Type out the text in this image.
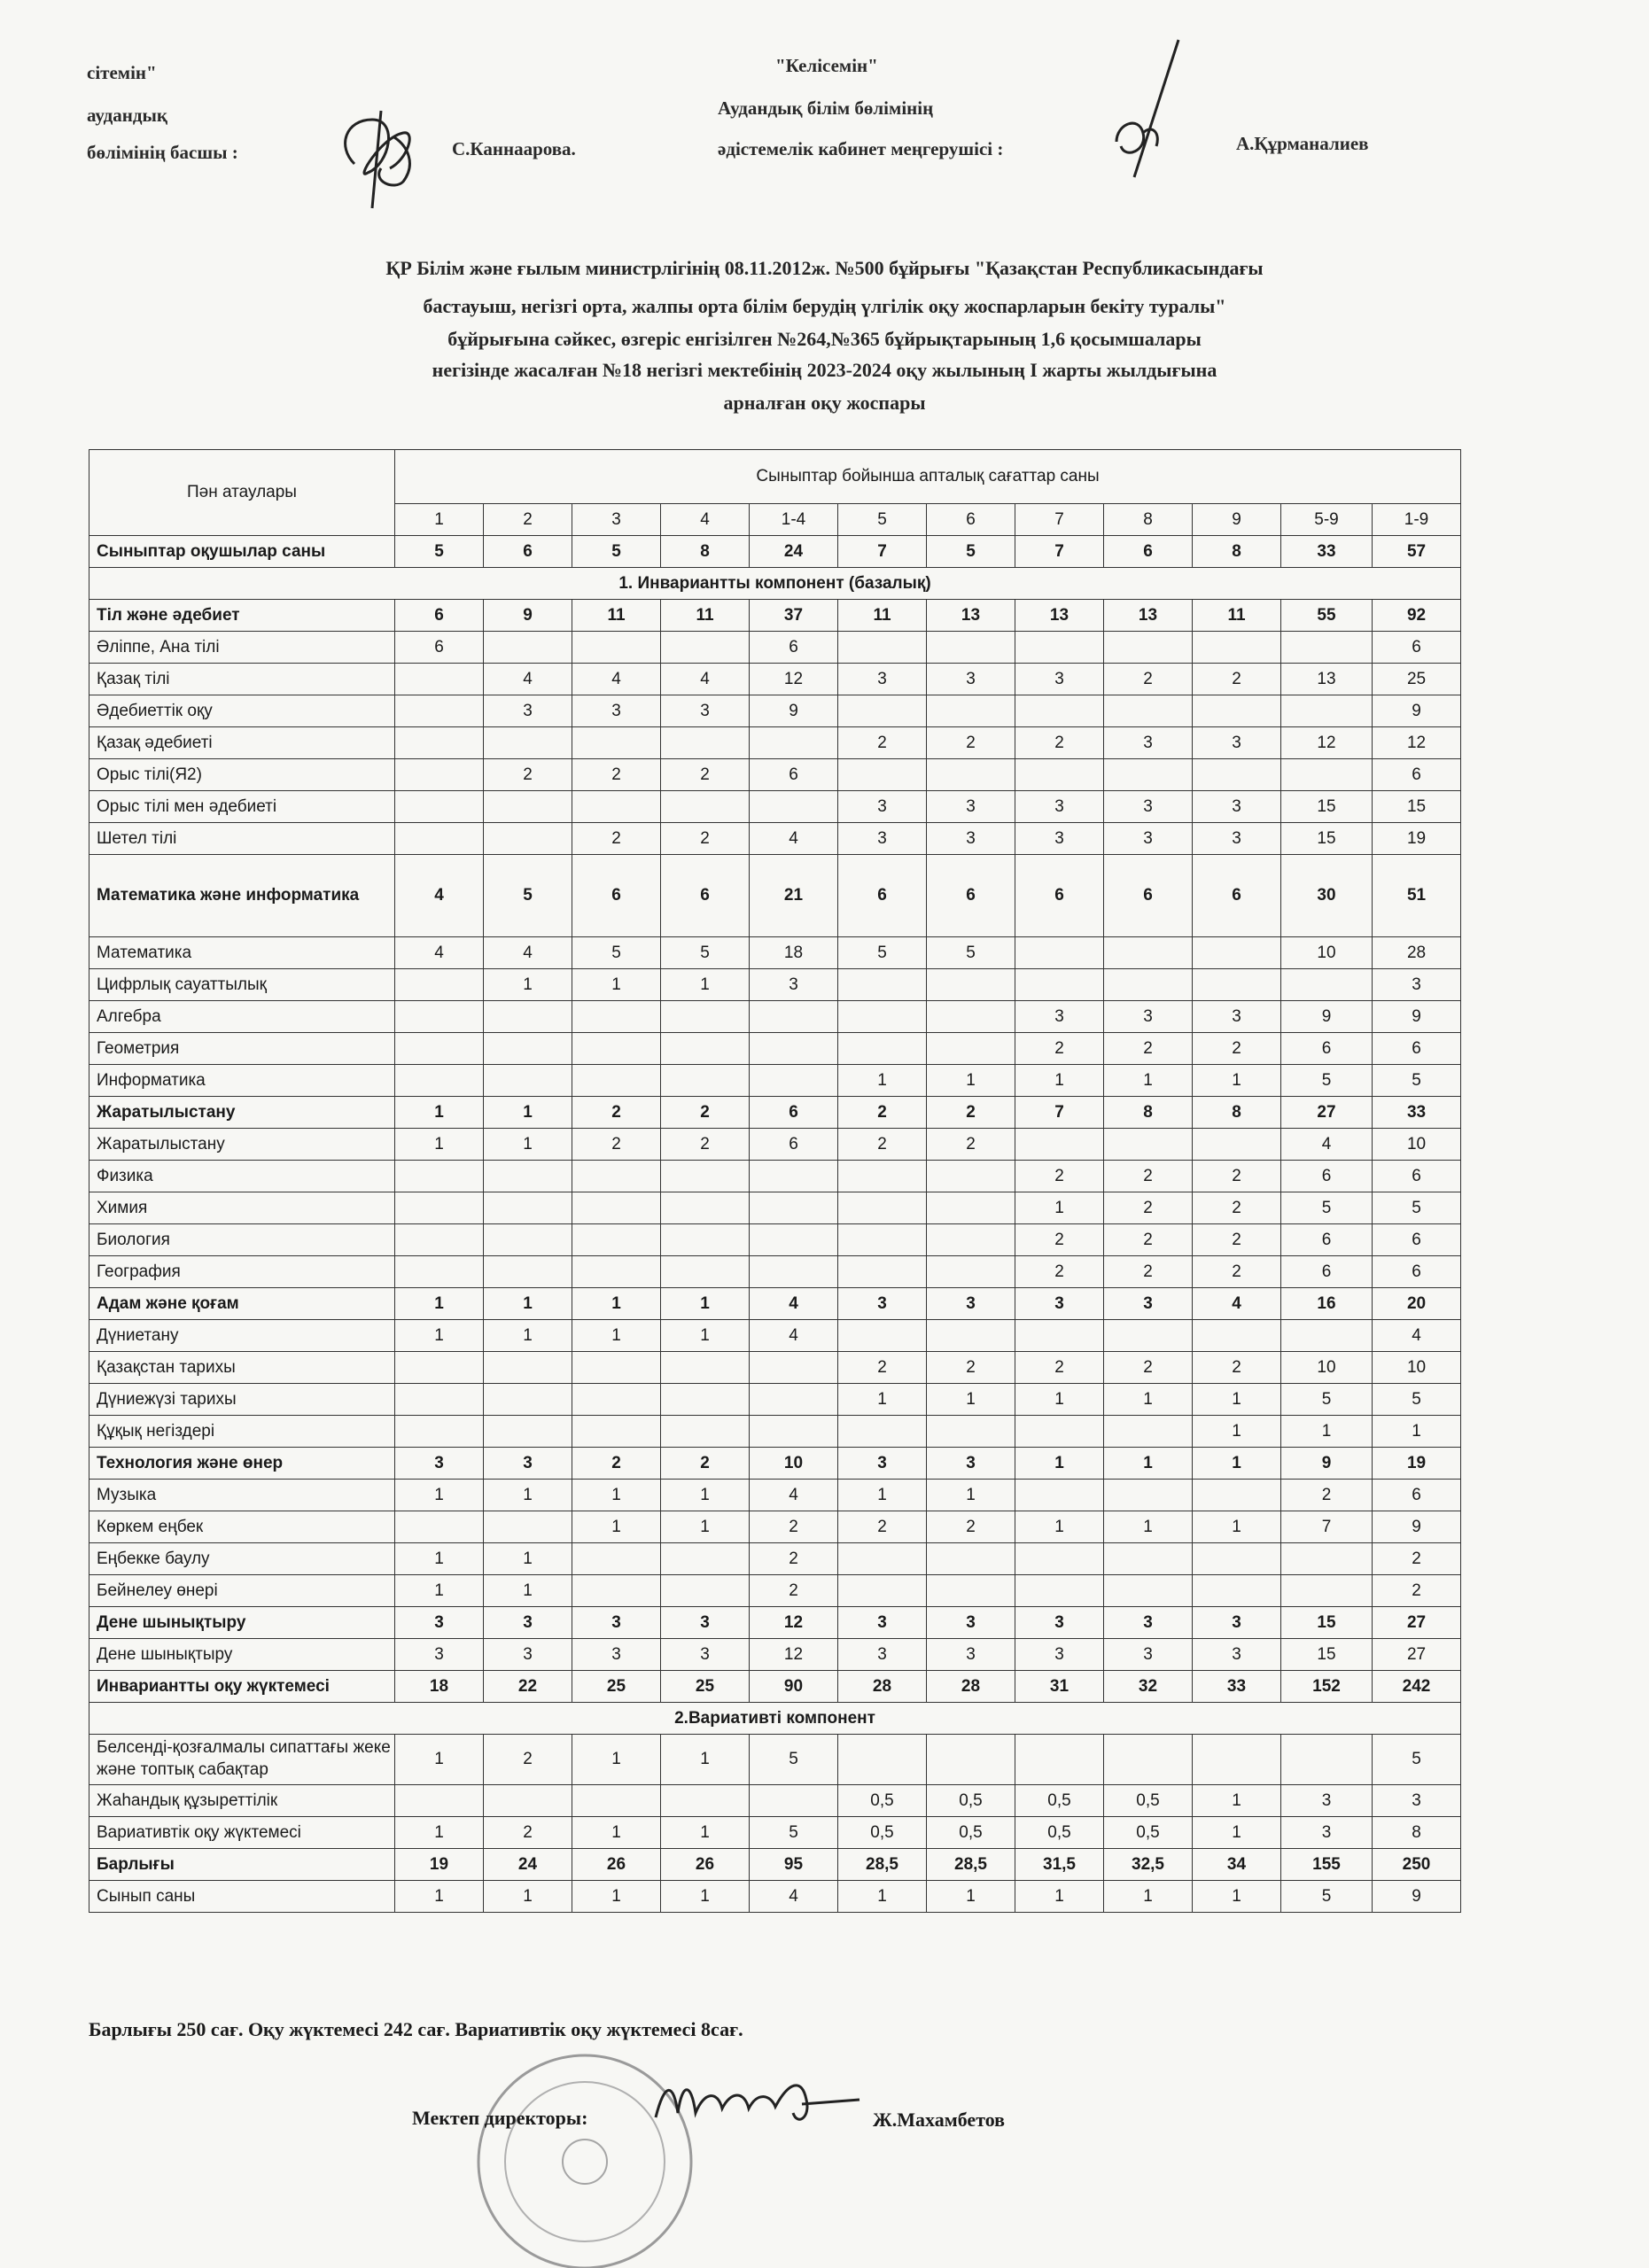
сітемін"
аудандық
бөлімінің басшы :	С.Каннаарова.
"Келісемін"
Аудандық білім бөлімінің
әдістемелік кабинет меңгерушісі :	А.Құрманалиев
ҚР Білім және ғылым министрлігінің 08.11.2012ж. №500 бұйрығы "Қазақстан Республикасындағы
бастауыш, негізгі орта, жалпы орта білім берудің үлгілік оқу жоспарларын бекіту туралы"
бұйрығына сәйкес, өзгеріс енгізілген №264,№365 бұйрықтарының 1,6 қосымшалары
негізінде жасалған №18 негізгі мектебінің 2023-2024 оқу жылының І жарты жылдығына
арналған оқу жоспары
Пән атаулары	Сыныптар бойынша апталық сағаттар саны											
	1	2	3	4	1-4	5	6	7	8	9	5-9	1-9
Сыныптар оқушылар саны	5	6	5	8	24	7	5	7	6	8	33	57
1. Инвариантты компонент (базалық)												
Тіл және әдебиет	6	9	11	11	37	11	13	13	13	11	55	92
Әліппе, Ана тілі	6				6							6
Қазақ тілі		4	4	4	12	3	3	3	2	2	13	25
Әдебиеттік оқу		3	3	3	9							9
Қазақ әдебиеті						2	2	2	3	3	12	12
Орыс тілі(Я2)		2	2	2	6							6
Орыс тілі мен әдебиеті						3	3	3	3	3	15	15
Шетел тілі			2	2	4	3	3	3	3	3	15	19
Математика және информатика	4	5	6	6	21	6	6	6	6	6	30	51
Математика	4	4	5	5	18	5	5				10	28
Цифрлық сауаттылық		1	1	1	3							3
Алгебра								3	3	3	9	9
Геометрия								2	2	2	6	6
Информатика						1	1	1	1	1	5	5
Жаратылыстану	1	1	2	2	6	2	2	7	8	8	27	33
Жаратылыстану	1	1	2	2	6	2	2				4	10
Физика								2	2	2	6	6
Химия								1	2	2	5	5
Биология								2	2	2	6	6
География								2	2	2	6	6
Адам және қоғам	1	1	1	1	4	3	3	3	3	4	16	20
Дүниетану	1	1	1	1	4							4
Қазақстан тарихы						2	2	2	2	2	10	10
Дүниежүзі тарихы						1	1	1	1	1	5	5
Құқық негіздері										1	1	1
Технология және өнер	3	3	2	2	10	3	3	1	1	1	9	19
Музыка	1	1	1	1	4	1	1				2	6
Көркем еңбек			1	1	2	2	2	1	1	1	7	9
Еңбекке баулу	1	1			2							2
Бейнелеу өнері	1	1			2							2
Дене шынықтыру	3	3	3	3	12	3	3	3	3	3	15	27
Дене шынықтыру	3	3	3	3	12	3	3	3	3	3	15	27
Инвариантты оқу жүктемесі	18	22	25	25	90	28	28	31	32	33	152	242
2.Вариативті компонент												
Белсенді-қозғалмалы сипаттағы жеке және топтық сабақтар	1	2	1	1	5							5
Жаһандық құзыреттілік						0,5	0,5	0,5	0,5	1	3	3
Вариативтік оқу жүктемесі	1	2	1	1	5	0,5	0,5	0,5	0,5	1	3	8
Барлығы	19	24	26	26	95	28,5	28,5	31,5	32,5	34	155	250
Сынып саны	1	1	1	1	4	1	1	1	1	1	5	9
Барлығы 250 сағ. Оқу жүктемесі 242 сағ. Вариативтік оқу жүктемесі 8сағ.
Мектеп директоры:	Ж.Махамбетов
